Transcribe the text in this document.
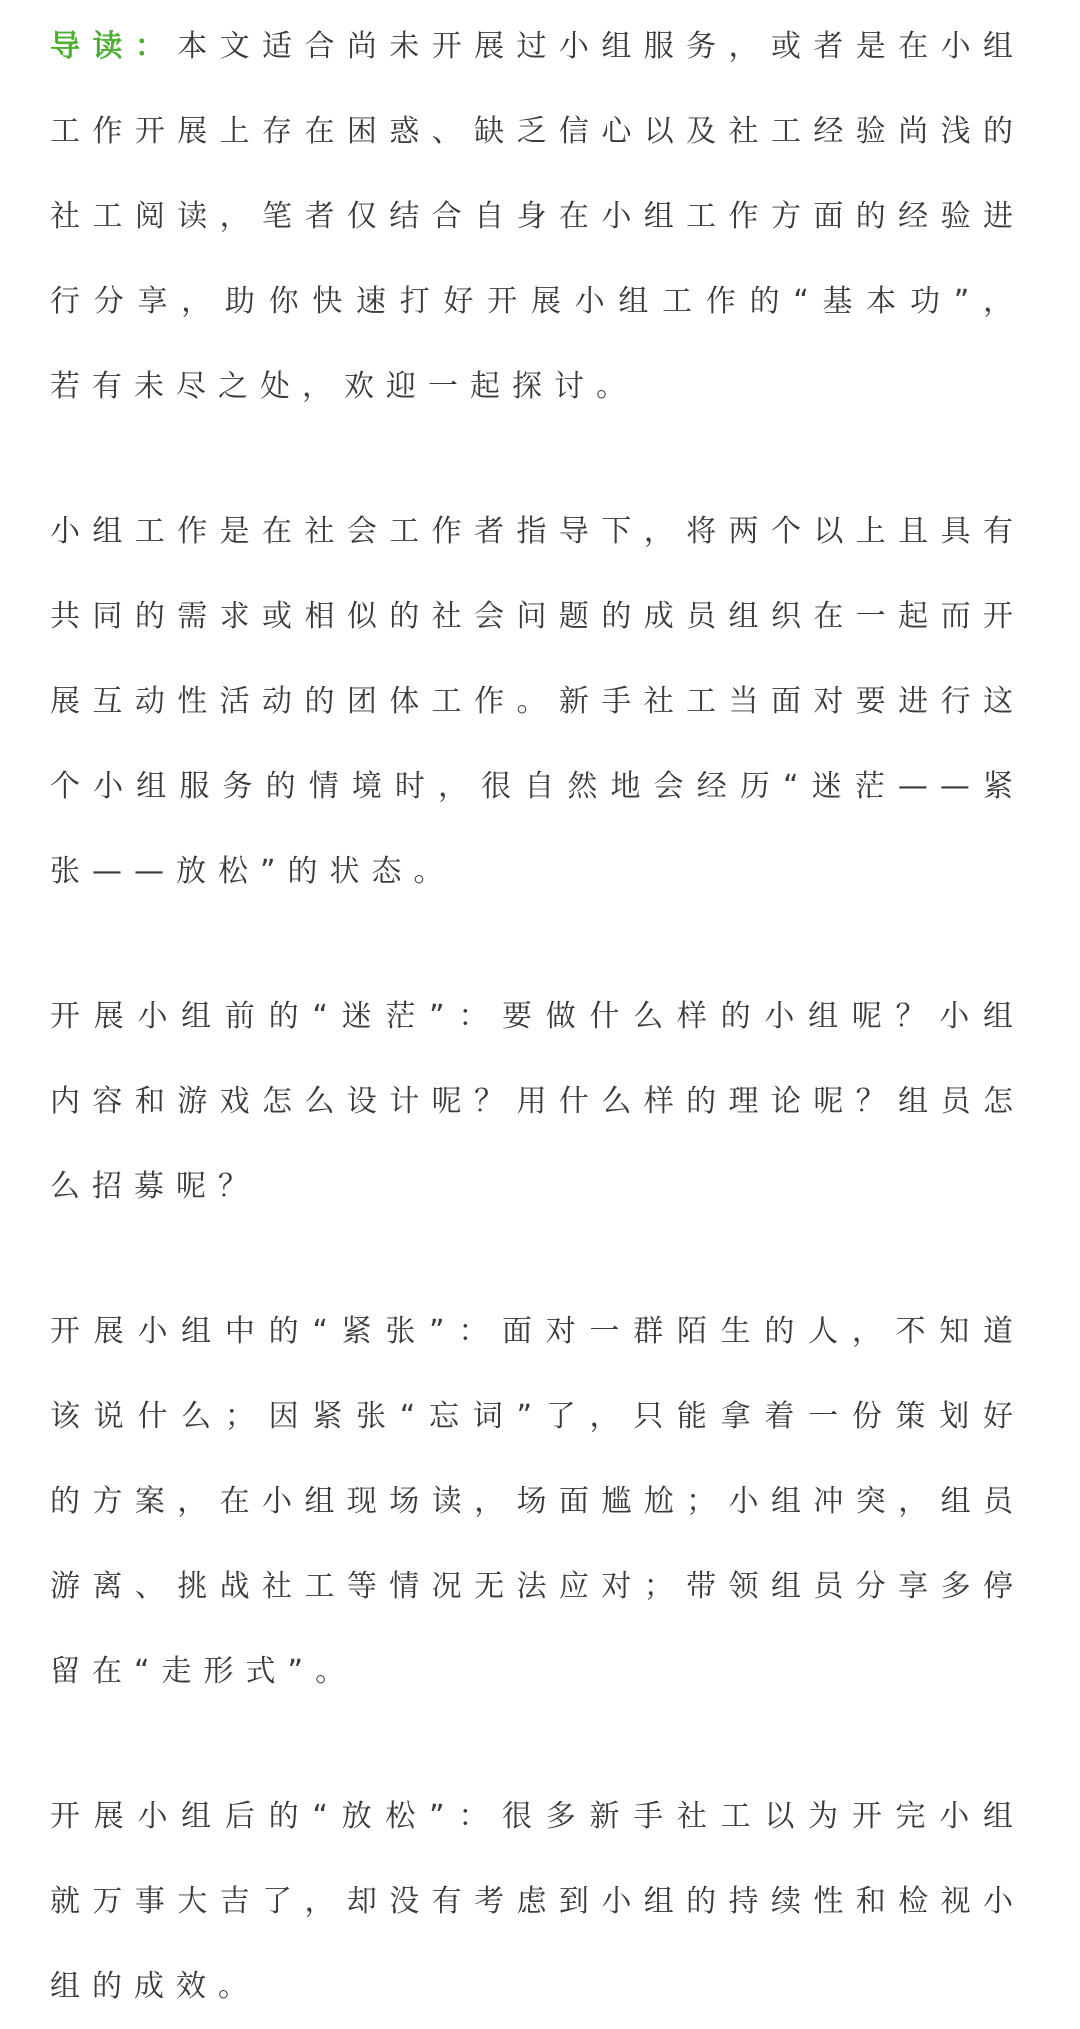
导读：本文适合尚未开展过小组服务，或者是在小组工作开展上存在困惑、缺乏信心以及社工经验尚浅的社工阅读，笔者仅结合自身在小组工作方面的经验进行分享，助你快速打好开展小组工作的“基本功”，若有未尽之处，欢迎一起探讨。

小组工作是在社会工作者指导下，将两个以上且具有共同的需求或相似的社会问题的成员组织在一起而开展互动性活动的团体工作。新手社工当面对要进行这个小组服务的情境时，很自然地会经历“迷茫——紧张——放松”的状态。

开展小组前的“迷茫”：要做什么样的小组呢？小组内容和游戏怎么设计呢？用什么样的理论呢？组员怎么招募呢？

开展小组中的“紧张”：面对一群陌生的人，不知道该说什么；因紧张“忘词”了，只能拿着一份策划好的方案，在小组现场读，场面尴尬；小组冲突，组员游离、挑战社工等情况无法应对；带领组员分享多停留在“走形式”。

开展小组后的“放松”：很多新手社工以为开完小组就万事大吉了，却没有考虑到小组的持续性和检视小组的成效。
